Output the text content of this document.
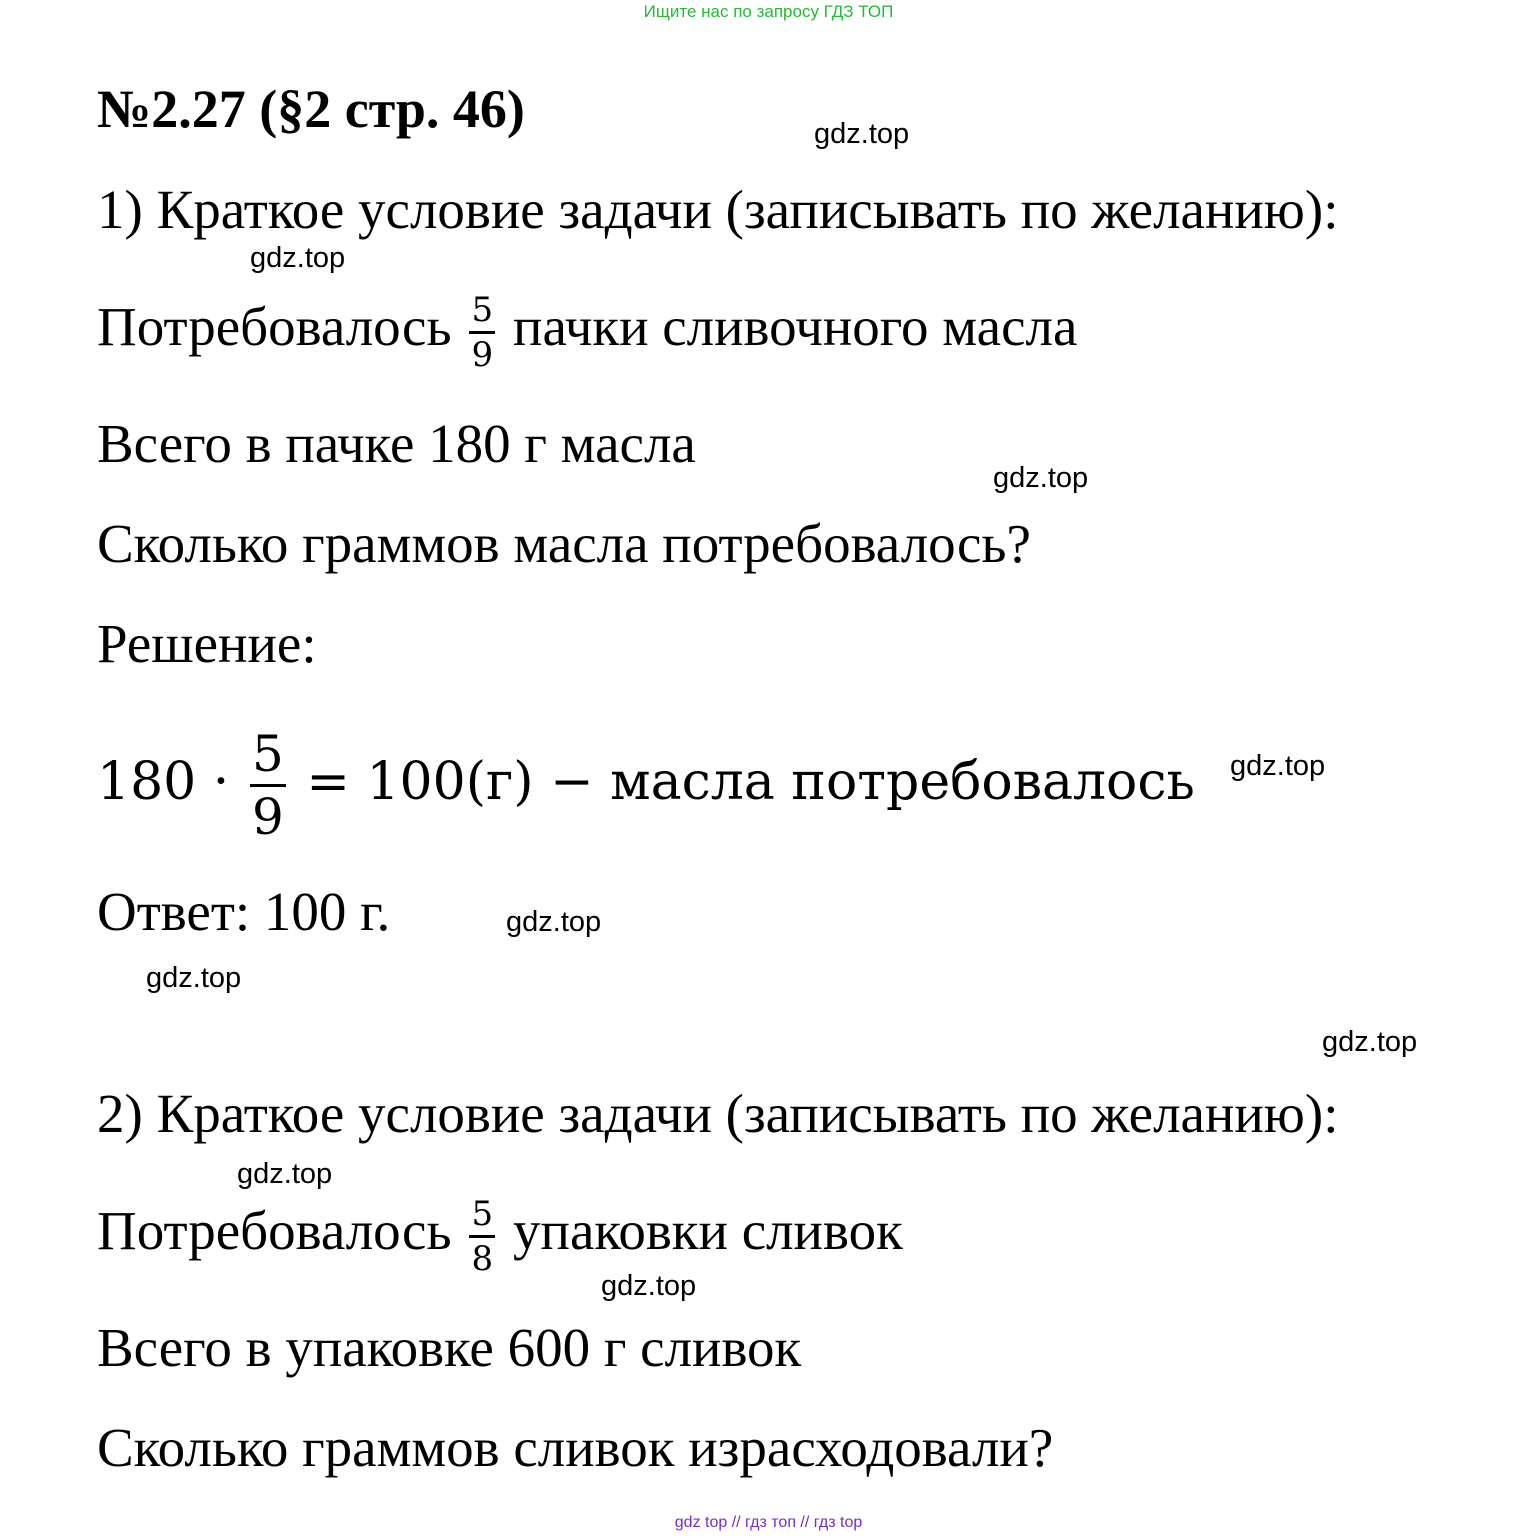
Ищите нас по запросу ГДЗ ТОП
№2.27 (§2 стр. 46)	gdz.top
gdz.top
gdz.top
gdz.top
gdz.top
gdz.top
gdz.top
gdz.top
gdz.top
1) Краткое условие задачи (записывать по желанию):
Потребовалось $\frac{5}{9}$ пачки сливочного масла
Всего в пачке 180 г масла
Сколько граммов масла потребовалось?
Решение:
$180 \cdot \frac{5}{9} = 100(г)$ − масла потребовалось
Ответ: 100 г.
2) Краткое условие задачи (записывать по желанию):
Потребовалось $\frac{5}{8}$ упаковки сливок
Всего в упаковке 600 г сливок
Сколько граммов сливок израсходовали?
gdz top // гдз топ // гдз top
